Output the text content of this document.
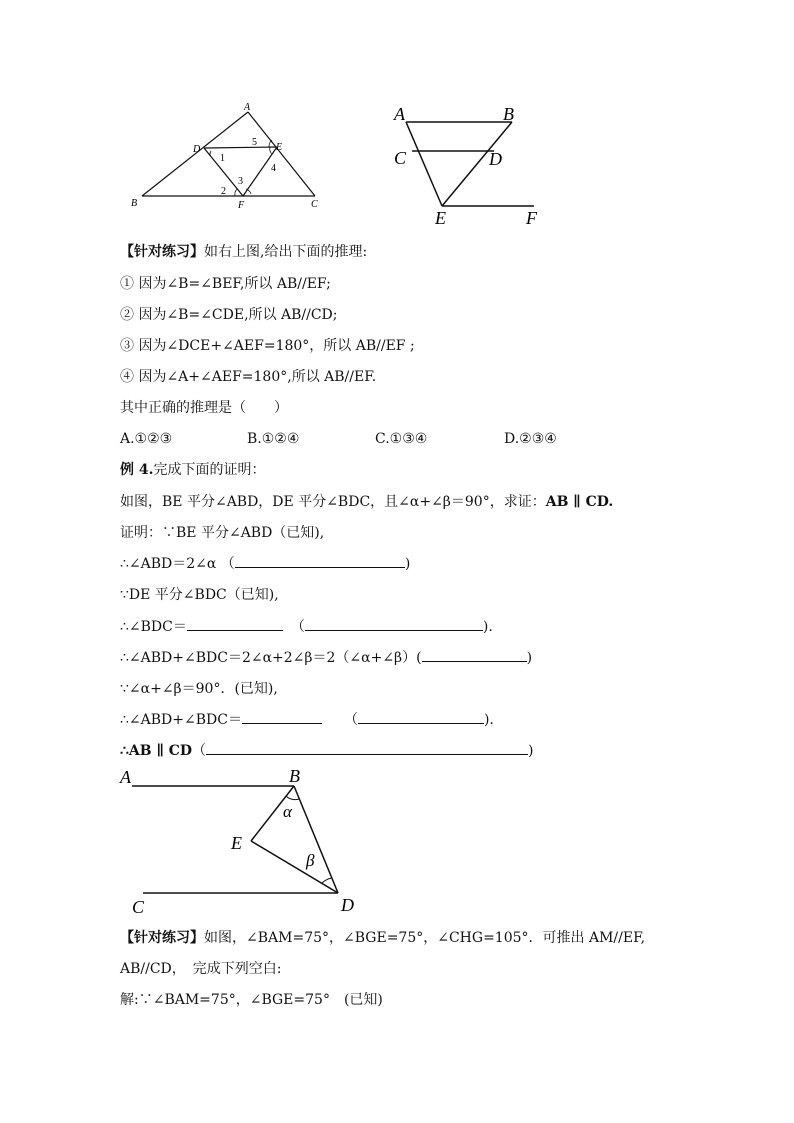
A
B	C
D	E
F
1
2
3
4
5
A	B
C	D
E	F
【针对练习】如右上图,给出下面的推理:
① 因为∠B=∠BEF,所以 AB//EF;
② 因为∠B=∠CDE,所以 AB//CD;
③ 因为∠DCE+∠AEF=180°，所以 AB//EF ;
④ 因为∠A+∠AEF=180°,所以 AB//EF.
其中正确的推理是（　　）
A.①②③	B.①②④	C.①③④	D.②③④
例 4.完成下面的证明：
如图，BE 平分∠ABD，DE 平分∠BDC，且∠α+∠β＝90°，求证：AB ∥ CD.
证明：∵BE 平分∠ABD（已知),
∴∠ABD＝2∠α （	)
∵DE 平分∠BDC（已知),
∴∠BDC＝	（	).
∴∠ABD+∠BDC＝2∠α+2∠β＝2（∠α+∠β）(	)
∵∠α+∠β＝90°．(已知),
∴∠ABD+∠BDC＝	（	).
∴AB ∥ CD（	)
A	B
C	D
E
α
β
【针对练习】如图，∠BAM=75°，∠BGE=75°，∠CHG=105°．可推出 AM//EF,
AB//CD，　完成下列空白:
解:∵∠BAM=75°，∠BGE=75°　(已知)
